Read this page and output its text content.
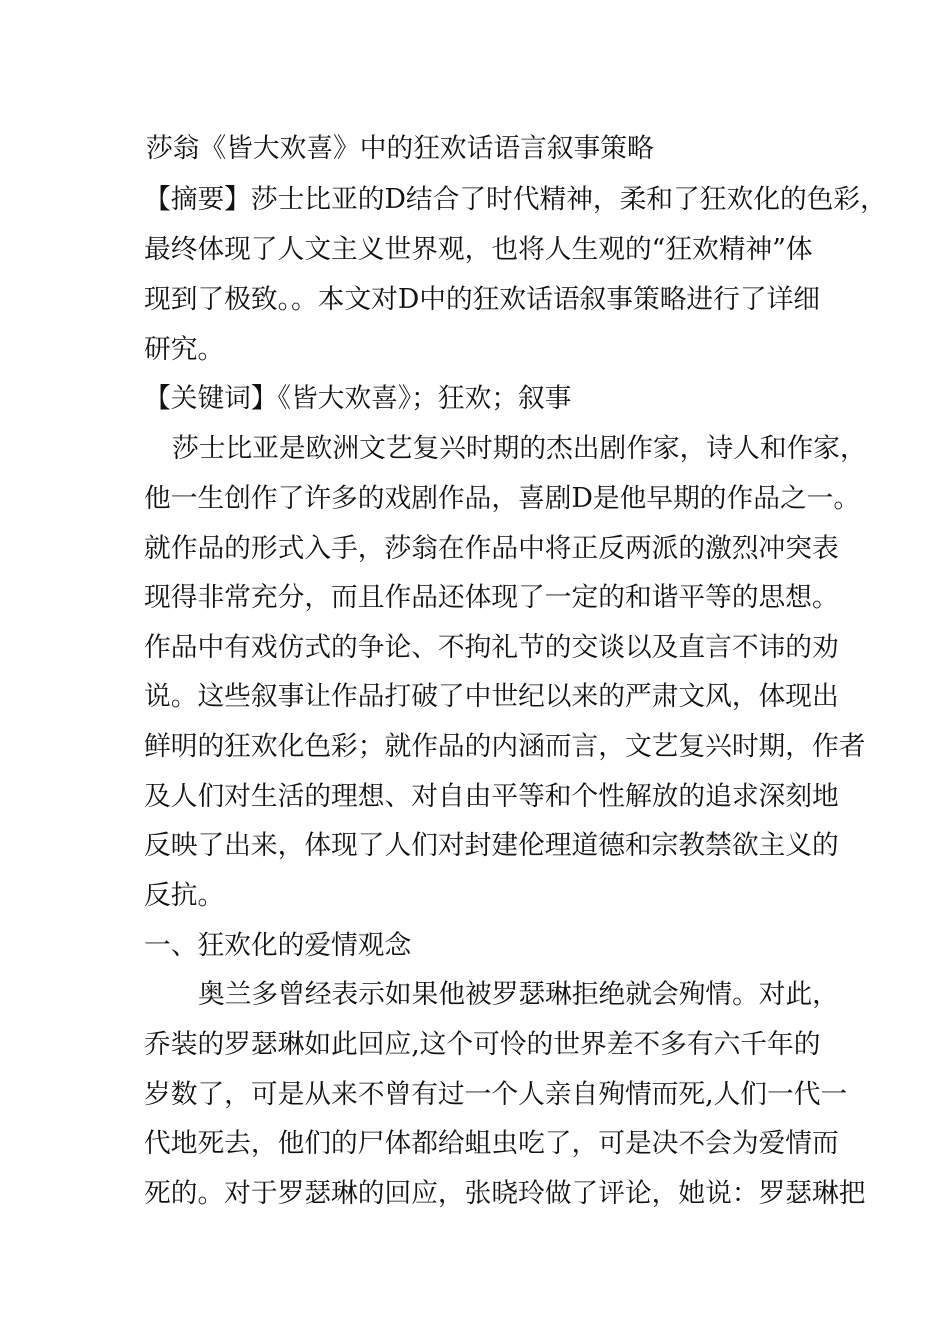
莎翁《皆大欢喜》中的狂欢话语言叙事策略
【摘要】莎士比亚的D结合了时代精神，柔和了狂欢化的色彩，
最终体现了人文主义世界观，也将人生观的“狂欢精神”体
现到了极致。。本文对D中的狂欢话语叙事策略进行了详细
研究。
【关键词】《皆大欢喜》；狂欢；叙事
莎士比亚是欧洲文艺复兴时期的杰出剧作家，诗人和作家，
他一生创作了许多的戏剧作品，喜剧D是他早期的作品之一。
就作品的形式入手，莎翁在作品中将正反两派的激烈冲突表
现得非常充分，而且作品还体现了一定的和谐平等的思想。
作品中有戏仿式的争论、不拘礼节的交谈以及直言不讳的劝
说。这些叙事让作品打破了中世纪以来的严肃文风，体现出
鲜明的狂欢化色彩；就作品的内涵而言，文艺复兴时期，作者
及人们对生活的理想、对自由平等和个性解放的追求深刻地
反映了出来，体现了人们对封建伦理道德和宗教禁欲主义的
反抗。
一、狂欢化的爱情观念
奥兰多曾经表示如果他被罗瑟琳拒绝就会殉情。对此，
乔装的罗瑟琳如此回应,这个可怜的世界差不多有六千年的
岁数了，可是从来不曾有过一个人亲自殉情而死,人们一代一
代地死去，他们的尸体都给蛆虫吃了，可是决不会为爱情而
死的。对于罗瑟琳的回应，张晓玲做了评论，她说：罗瑟琳把
